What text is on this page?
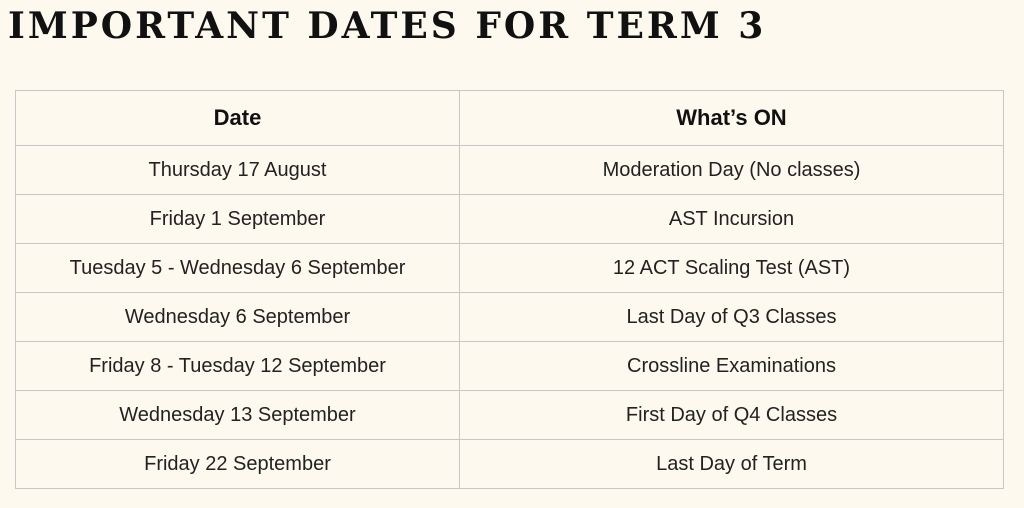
IMPORTANT DATES FOR TERM 3
Date	What’s ON
Thursday 17 August	Moderation Day (No classes)
Friday 1 September	AST Incursion
Tuesday 5 - Wednesday 6 September	12 ACT Scaling Test (AST)
Wednesday 6 September	Last Day of Q3 Classes
Friday 8 - Tuesday 12 September	Crossline Examinations
Wednesday 13 September	First Day of Q4 Classes
Friday 22 September	Last Day of Term
